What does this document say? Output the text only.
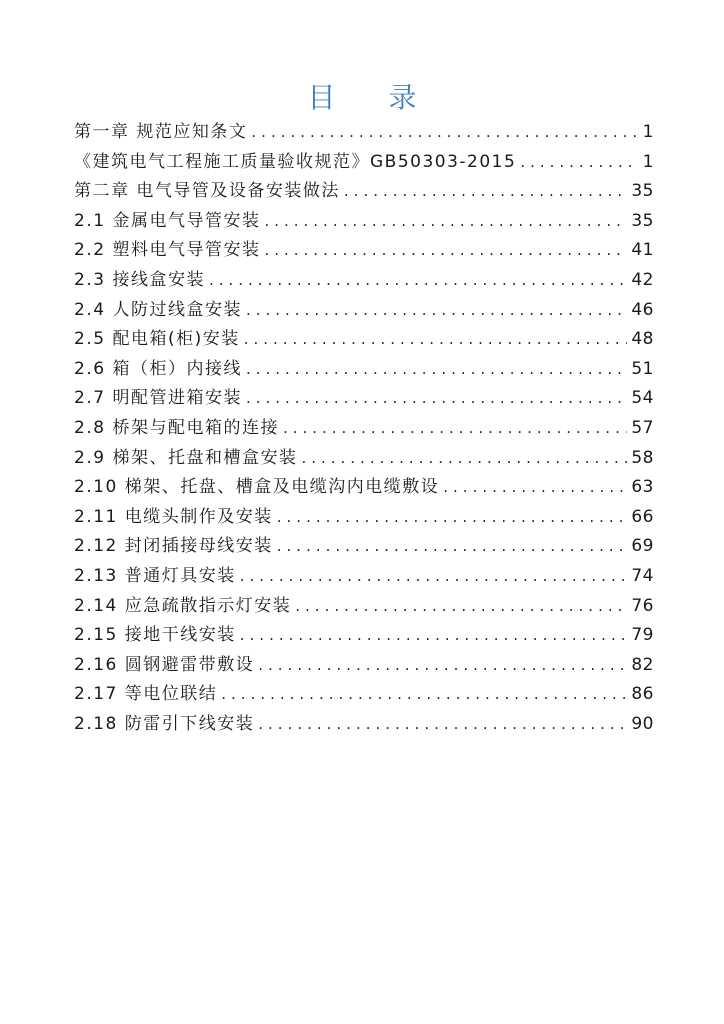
目 录
第一章 规范应知条文 .....	1
《建筑电气工程施工质量验收规范》GB50303-2015 .....	1
第二章 电气导管及设备安装做法 .....	35
2.1 金属电气导管安装 .....	35
2.2 塑料电气导管安装 .....	41
2.3 接线盒安装 .....	42
2.4 人防过线盒安装 .....	46
2.5 配电箱(柜)安装 .....	48
2.6 箱（柜）内接线 .....	51
2.7 明配管进箱安装 .....	54
2.8 桥架与配电箱的连接 .....	57
2.9 梯架、托盘和槽盒安装 .....	58
2.10 梯架、托盘、槽盒及电缆沟内电缆敷设 .....	63
2.11 电缆头制作及安装 .....	66
2.12 封闭插接母线安装 .....	69
2.13 普通灯具安装 .....	74
2.14 应急疏散指示灯安装 .....	76
2.15 接地干线安装 .....	79
2.16 圆钢避雷带敷设 .....	82
2.17 等电位联结 .....	86
2.18 防雷引下线安装 .....	90
